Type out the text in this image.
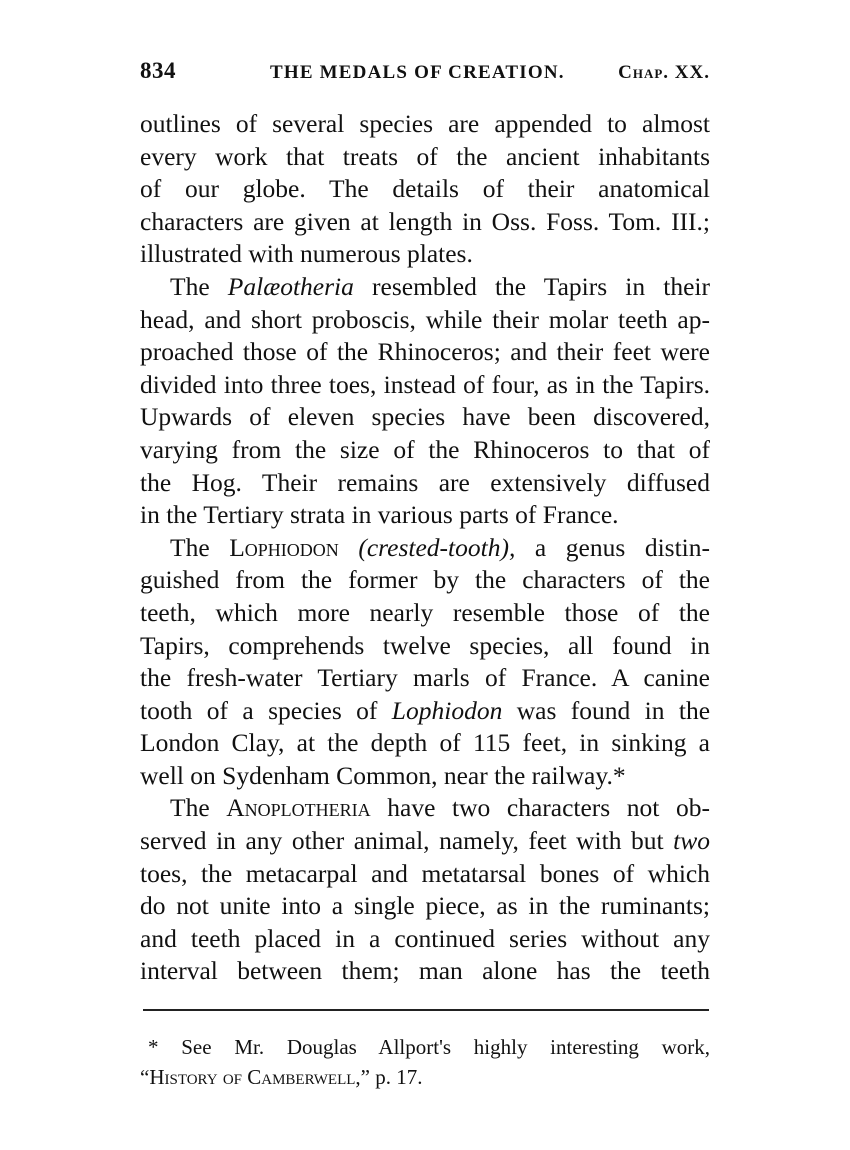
834	THE MEDALS OF CREATION.	Chap. XX.
outlines of several species are appended to almost
every work that treats of the ancient inhabitants
of our globe. The details of their anatomical
characters are given at length in Oss. Foss. Tom. III.;
illustrated with numerous plates.
The Palæotheria resembled the Tapirs in their
head, and short proboscis, while their molar teeth ap-
proached those of the Rhinoceros; and their feet were
divided into three toes, instead of four, as in the Tapirs.
Upwards of eleven species have been discovered,
varying from the size of the Rhinoceros to that of
the Hog. Their remains are extensively diffused
in the Tertiary strata in various parts of France.
The Lophiodon (crested-tooth), a genus distin-
guished from the former by the characters of the
teeth, which more nearly resemble those of the
Tapirs, comprehends twelve species, all found in
the fresh-water Tertiary marls of France. A canine
tooth of a species of Lophiodon was found in the
London Clay, at the depth of 115 feet, in sinking a
well on Sydenham Common, near the railway.*
The Anoplotheria have two characters not ob-
served in any other animal, namely, feet with but two
toes, the metacarpal and metatarsal bones of which
do not unite into a single piece, as in the ruminants;
and teeth placed in a continued series without any
interval between them; man alone has the teeth
* See Mr. Douglas Allport's highly interesting work,
“History of Camberwell,” p. 17.
